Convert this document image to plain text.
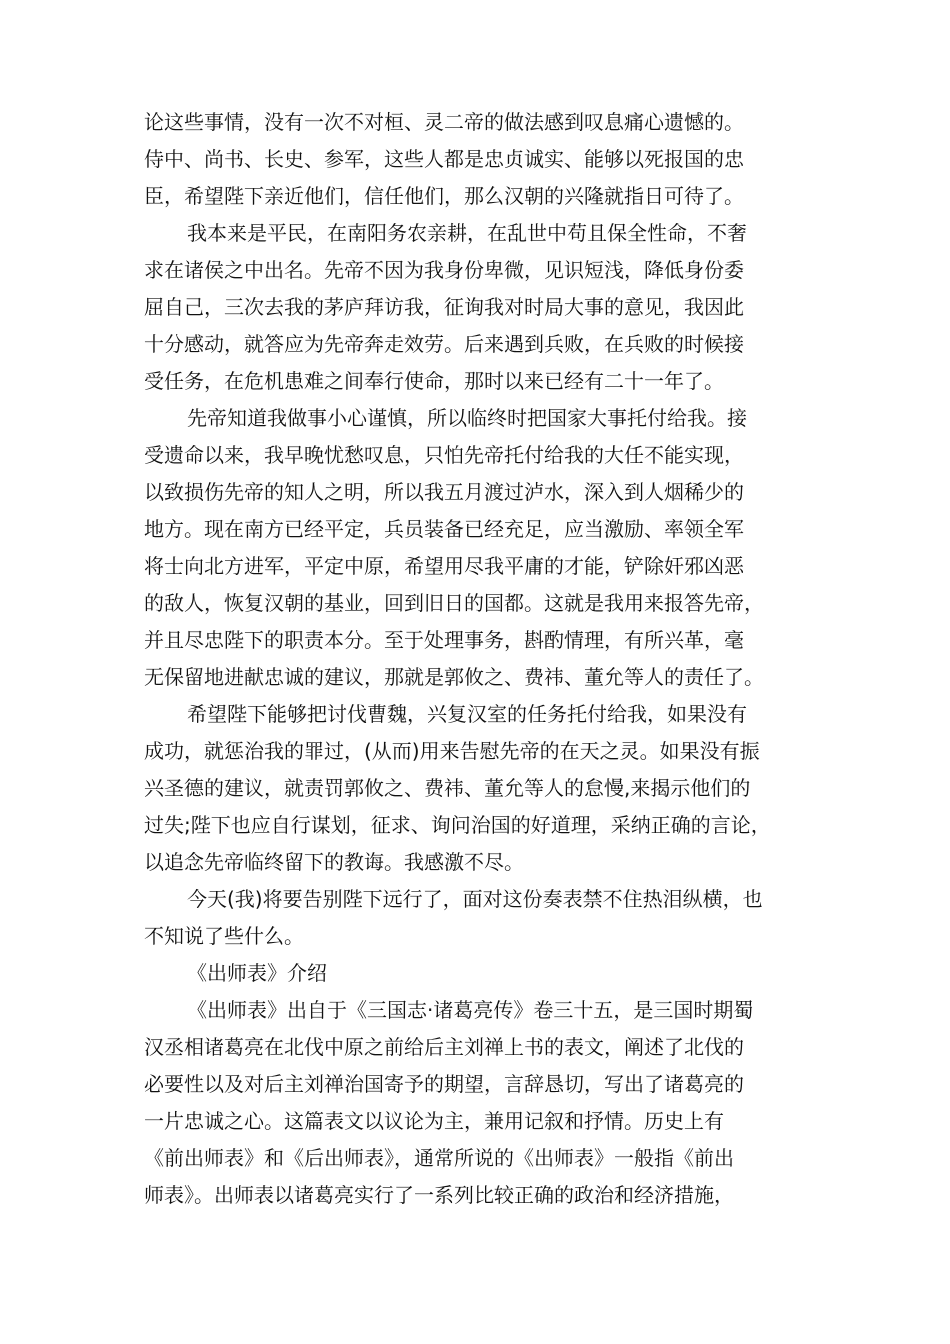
论这些事情，没有一次不对桓、灵二帝的做法感到叹息痛心遗憾的。
侍中、尚书、长史、参军，这些人都是忠贞诚实、能够以死报国的忠
臣，希望陛下亲近他们，信任他们，那么汉朝的兴隆就指日可待了。
我本来是平民，在南阳务农亲耕，在乱世中苟且保全性命，不奢
求在诸侯之中出名。先帝不因为我身份卑微，见识短浅，降低身份委
屈自己，三次去我的茅庐拜访我，征询我对时局大事的意见，我因此
十分感动，就答应为先帝奔走效劳。后来遇到兵败，在兵败的时候接
受任务，在危机患难之间奉行使命，那时以来已经有二十一年了。
先帝知道我做事小心谨慎，所以临终时把国家大事托付给我。接
受遗命以来，我早晚忧愁叹息，只怕先帝托付给我的大任不能实现，
以致损伤先帝的知人之明，所以我五月渡过泸水，深入到人烟稀少的
地方。现在南方已经平定，兵员装备已经充足，应当激励、率领全军
将士向北方进军，平定中原，希望用尽我平庸的才能，铲除奸邪凶恶
的敌人，恢复汉朝的基业，回到旧日的国都。这就是我用来报答先帝，
并且尽忠陛下的职责本分。至于处理事务，斟酌情理，有所兴革，毫
无保留地进献忠诚的建议，那就是郭攸之、费祎、董允等人的责任了。
希望陛下能够把讨伐曹魏，兴复汉室的任务托付给我，如果没有
成功，就惩治我的罪过，(从而)用来告慰先帝的在天之灵。如果没有振
兴圣德的建议，就责罚郭攸之、费祎、董允等人的怠慢,来揭示他们的
过失;陛下也应自行谋划，征求、询问治国的好道理，采纳正确的言论，
以追念先帝临终留下的教诲。我感激不尽。
今天(我)将要告别陛下远行了，面对这份奏表禁不住热泪纵横，也
不知说了些什么。
《出师表》介绍
《出师表》出自于《三国志·诸葛亮传》卷三十五，是三国时期蜀
汉丞相诸葛亮在北伐中原之前给后主刘禅上书的表文，阐述了北伐的
必要性以及对后主刘禅治国寄予的期望，言辞恳切，写出了诸葛亮的
一片忠诚之心。这篇表文以议论为主，兼用记叙和抒情。历史上有
《前出师表》和《后出师表》，通常所说的《出师表》一般指《前出
师表》。出师表以诸葛亮实行了一系列比较正确的政治和经济措施，
